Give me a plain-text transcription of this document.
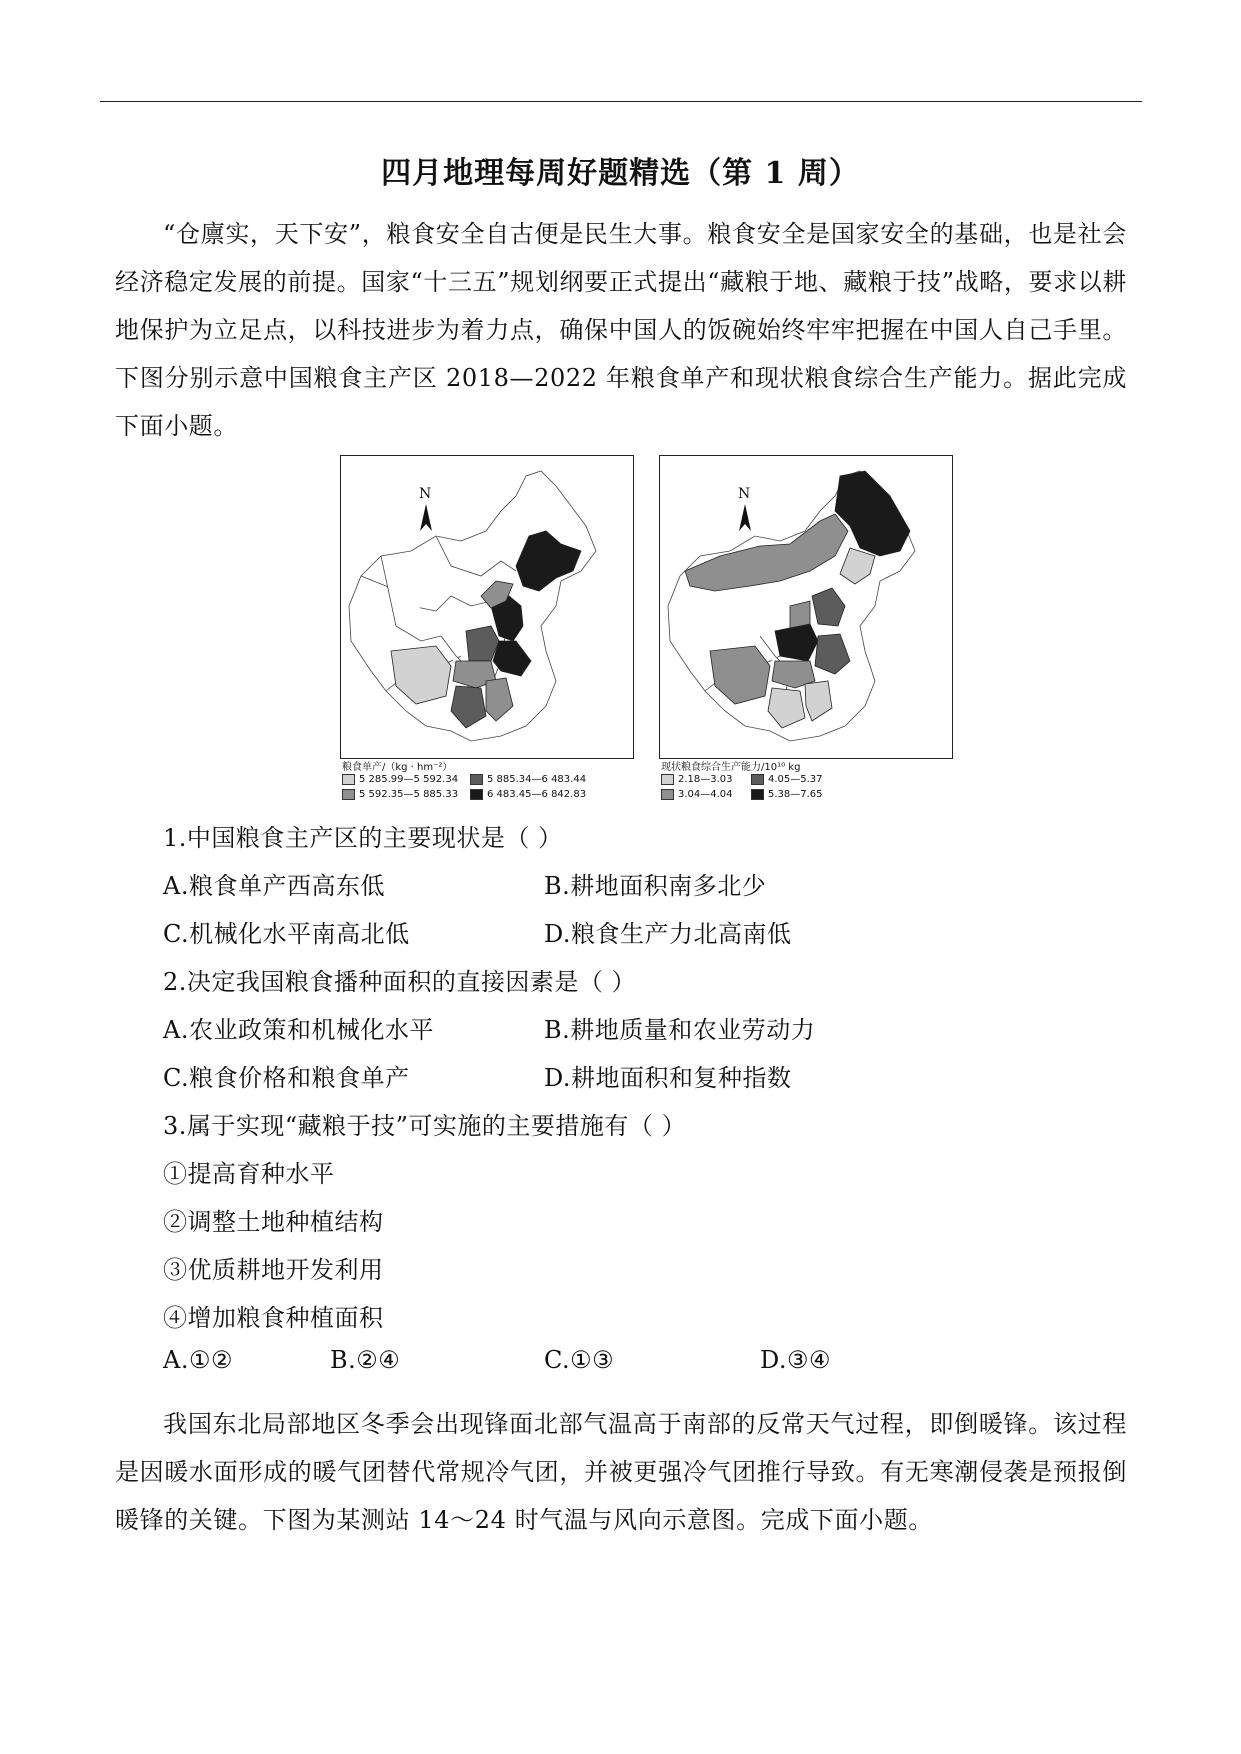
四月地理每周好题精选（第 1 周）

“仓廪实，天下安”，粮食安全自古便是民生大事。粮食安全是国家安全的基础，也是社会经济稳定发展的前提。国家“十三五”规划纲要正式提出“藏粮于地、藏粮于技”战略，要求以耕地保护为立足点，以科技进步为着力点，确保中国人的饭碗始终牢牢把握在中国人自己手里。下图分别示意中国粮食主产区 2018—2022 年粮食单产和现状粮食综合生产能力。据此完成下面小题。

N	N
粮食单产/（kg · hm⁻²）
5 285.99—5 592.34	5 885.34—6 483.44
5 592.35—5 885.33	6 483.45—6 842.83
现状粮食综合生产能力/10¹⁰ kg
2.18—3.03	4.05—5.37
3.04—4.04	5.38—7.65
1.中国粮食主产区的主要现状是（ ）
A.粮食单产西高东低	B.耕地面积南多北少
C.机械化水平南高北低	D.粮食生产力北高南低
2.决定我国粮食播种面积的直接因素是（ ）
A.农业政策和机械化水平	B.耕地质量和农业劳动力
C.粮食价格和粮食单产	D.耕地面积和复种指数
3.属于实现“藏粮于技”可实施的主要措施有（ ）
①提高育种水平
②调整土地种植结构
③优质耕地开发利用
④增加粮食种植面积
A.①②	B.②④	C.①③	D.③④

我国东北局部地区冬季会出现锋面北部气温高于南部的反常天气过程，即倒暖锋。该过程是因暖水面形成的暖气团替代常规冷气团，并被更强冷气团推行导致。有无寒潮侵袭是预报倒暖锋的关键。下图为某测站 14～24 时气温与风向示意图。完成下面小题。
